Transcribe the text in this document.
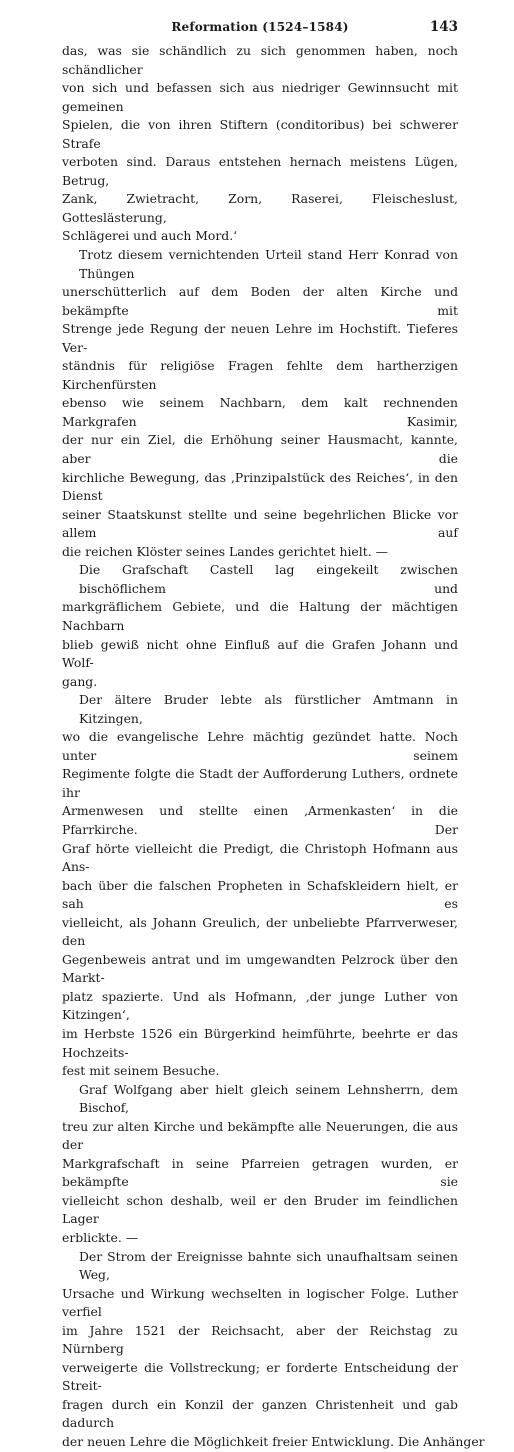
Reformation (1524–1584)	143
das, was sie schändlich zu sich genommen haben, noch schändlicher
von sich und befassen sich aus niedriger Gewinnsucht mit gemeinen
Spielen, die von ihren Stiftern (conditoribus) bei schwerer Strafe
verboten sind. Daraus entstehen hernach meistens Lügen, Betrug,
Zank, Zwietracht, Zorn, Raserei, Fleischeslust, Gotteslästerung,
Schlägerei und auch Mord.‘
Trotz diesem vernichtenden Urteil stand Herr Konrad von Thüngen
unerschütterlich auf dem Boden der alten Kirche und bekämpfte mit
Strenge jede Regung der neuen Lehre im Hochstift. Tieferes Ver-
ständnis für religiöse Fragen fehlte dem hartherzigen Kirchenfürsten
ebenso wie seinem Nachbarn, dem kalt rechnenden Markgrafen Kasimir,
der nur ein Ziel, die Erhöhung seiner Hausmacht, kannte, aber die
kirchliche Bewegung, das ‚Prinzipalstück des Reiches‘, in den Dienst
seiner Staatskunst stellte und seine begehrlichen Blicke vor allem auf
die reichen Klöster seines Landes gerichtet hielt. —
Die Grafschaft Castell lag eingekeilt zwischen bischöflichem und
markgräflichem Gebiete, und die Haltung der mächtigen Nachbarn
blieb gewiß nicht ohne Einfluß auf die Grafen Johann und Wolf-
gang.
Der ältere Bruder lebte als fürstlicher Amtmann in Kitzingen,
wo die evangelische Lehre mächtig gezündet hatte. Noch unter seinem
Regimente folgte die Stadt der Aufforderung Luthers, ordnete ihr
Armenwesen und stellte einen ‚Armenkasten‘ in die Pfarrkirche. Der
Graf hörte vielleicht die Predigt, die Christoph Hofmann aus Ans-
bach über die falschen Propheten in Schafskleidern hielt, er sah es
vielleicht, als Johann Greulich, der unbeliebte Pfarrverweser, den
Gegenbeweis antrat und im umgewandten Pelzrock über den Markt-
platz spazierte. Und als Hofmann, ‚der junge Luther von Kitzingen‘,
im Herbste 1526 ein Bürgerkind heimführte, beehrte er das Hochzeits-
fest mit seinem Besuche.
Graf Wolfgang aber hielt gleich seinem Lehnsherrn, dem Bischof,
treu zur alten Kirche und bekämpfte alle Neuerungen, die aus der
Markgrafschaft in seine Pfarreien getragen wurden, er bekämpfte sie
vielleicht schon deshalb, weil er den Bruder im feindlichen Lager
erblickte. —
Der Strom der Ereignisse bahnte sich unaufhaltsam seinen Weg,
Ursache und Wirkung wechselten in logischer Folge. Luther verfiel
im Jahre 1521 der Reichsacht, aber der Reichstag zu Nürnberg
verweigerte die Vollstreckung; er forderte Entscheidung der Streit-
fragen durch ein Konzil der ganzen Christenheit und gab dadurch
der neuen Lehre die Möglichkeit freier Entwicklung. Die Anhänger
